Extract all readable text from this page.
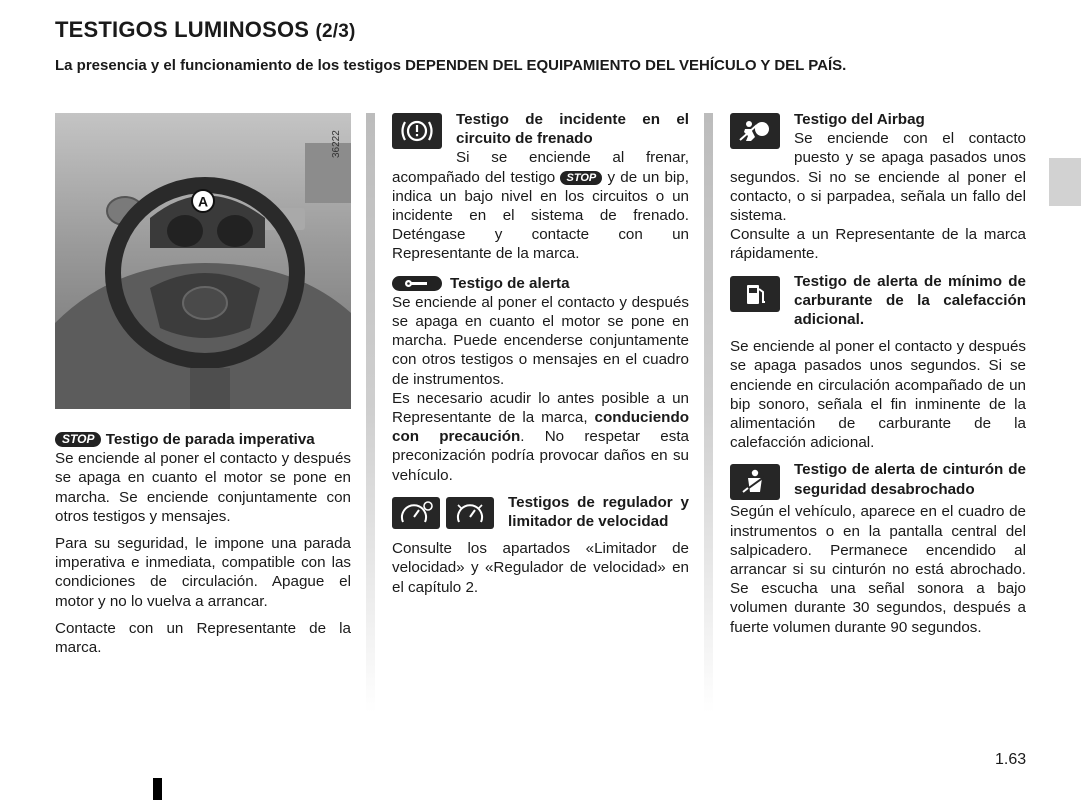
TESTIGOS LUMINOSOS (2/3)

La presencia y el funcionamiento de los testigos DEPENDEN DEL EQUIPAMIENTO DEL VEHÍCULO Y DEL PAÍS.

A
36222

STOP Testigo de parada imperativa

Se enciende al poner el contacto y después se apaga en cuanto el motor se pone en marcha. Se enciende conjuntamente con otros testigos y mensajes.

Para su seguridad, le impone una parada imperativa e inmediata, compatible con las condiciones de circulación. Apague el motor y no lo vuelva a arrancar.

Contacte con un Representante de la marca.

Testigo de incidente en el circuito de frenado

Si se enciende al frenar, acompañado del testigo STOP y de un bip, indica un bajo nivel en los circuitos o un incidente en el sistema de frenado. Deténgase y contacte con un Representante de la marca.

Testigo de alerta

Se enciende al poner el contacto y después se apaga en cuanto el motor se pone en marcha. Puede encenderse conjuntamente con otros testigos o mensajes en el cuadro de instrumentos.

Es necesario acudir lo antes posible a un Representante de la marca, conduciendo con precaución. No respetar esta preconización podría provocar daños en su vehículo.

Testigos de regulador y limitador de velocidad

Consulte los apartados «Limitador de velocidad» y «Regulador de velocidad» en el capítulo 2.

Testigo del Airbag

Se enciende con el contacto puesto y se apaga pasados unos segundos. Si no se enciende al poner el contacto, o si parpadea, señala un fallo del sistema.

Consulte a un Representante de la marca rápidamente.

Testigo de alerta de mínimo de carburante de la calefacción adicional.

Se enciende al poner el contacto y después se apaga pasados unos segundos. Si se enciende en circulación acompañado de un bip sonoro, señala el fin inminente de la alimentación de carburante de la calefacción adicional.

Testigo de alerta de cinturón de seguridad desabrochado

Según el vehículo, aparece en el cuadro de instrumentos o en la pantalla central del salpicadero. Permanece encendido al arrancar si su cinturón no está abrochado. Se escucha una señal sonora a bajo volumen durante 30 segundos, después a fuerte volumen durante 90 segundos.

1.63
